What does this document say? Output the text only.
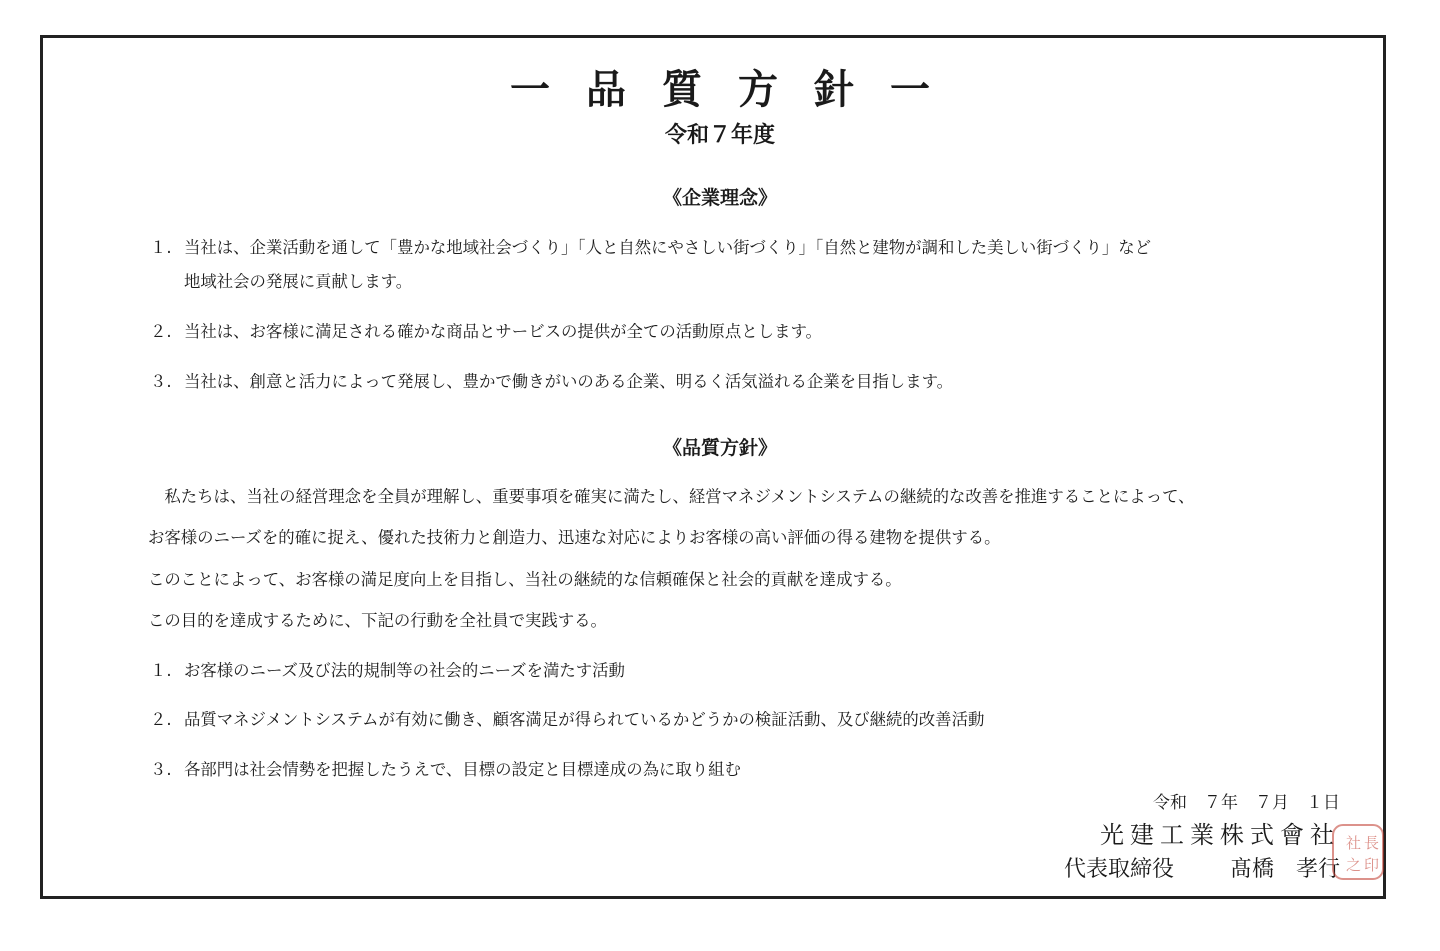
一品質方針一
令和７年度
《企業理念》
１. 当社は、企業活動を通して「豊かな地域社会づくり」「人と自然にやさしい街づくり」「自然と建物が調和した美しい街づくり」など
地域社会の発展に貢献します。
２. 当社は、お客様に満足される確かな商品とサービスの提供が全ての活動原点とします。
３. 当社は、創意と活力によって発展し、豊かで働きがいのある企業、明るく活気溢れる企業を目指します。
《品質方針》
　私たちは、当社の経営理念を全員が理解し、重要事項を確実に満たし、経営マネジメントシステムの継続的な改善を推進することによって、
お客様のニーズを的確に捉え、優れた技術力と創造力、迅速な対応によりお客様の高い評価の得る建物を提供する。
このことによって、お客様の満足度向上を目指し、当社の継続的な信頼確保と社会的貢献を達成する。
この目的を達成するために、下記の行動を全社員で実践する。
１. お客様のニーズ及び法的規制等の社会的ニーズを満たす活動
２. 品質マネジメントシステムが有効に働き、顧客満足が得られているかどうかの検証活動、及び継続的改善活動
３. 各部門は社会情勢を把握したうえで、目標の設定と目標達成の為に取り組む
令和　７年　７月　１日
光建工業株式會社
代表取締役	髙橋　孝行
社 長
之 印
